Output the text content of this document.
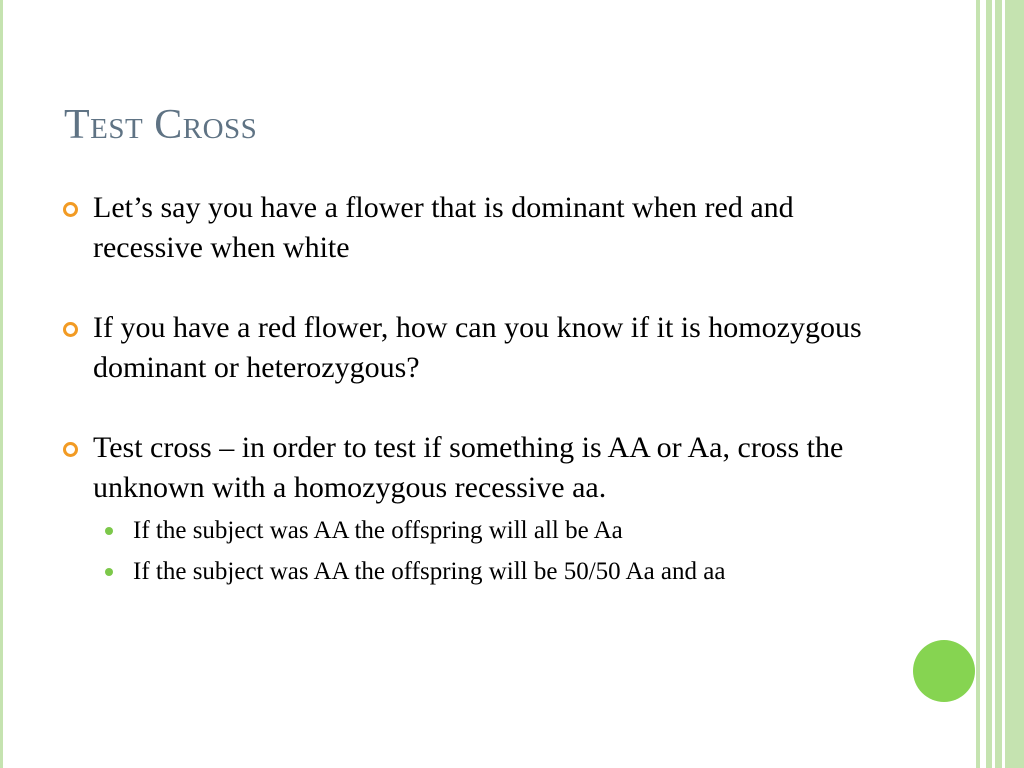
Test Cross
Let’s say you have a flower that is dominant when red and recessive when white
If you have a red flower, how can you know if it is homozygous dominant or heterozygous?
Test cross – in order to test if something is AA or Aa, cross the unknown with a homozygous recessive aa.
If the subject was AA the offspring will all be Aa
If the subject was AA the offspring will be 50/50 Aa and aa
